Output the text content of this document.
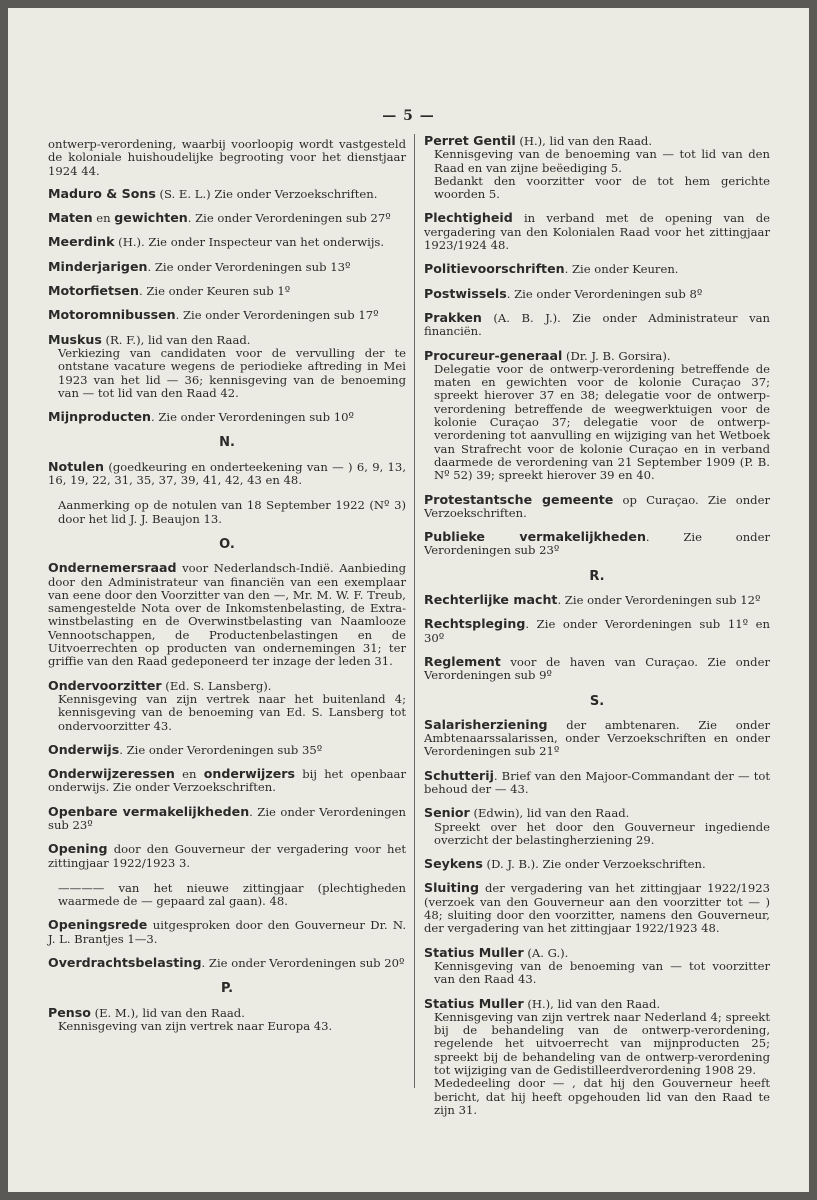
— 5 —
ontwerp-verordening, waarbij voorloopig wordt vastgesteld de koloniale huishoudelijke begrooting voor het dienstjaar 1924 44.
Maduro & Sons (S. E. L.) Zie onder Verzoekschriften.
Maten en gewichten. Zie onder Verordeningen sub 27º
Meerdink (H.). Zie onder Inspecteur van het onderwijs.
Minderjarigen. Zie onder Verordeningen sub 13º
Motorfietsen. Zie onder Keuren sub 1º
Motoromnibussen. Zie onder Verordeningen sub 17º
Muskus (R. F.), lid van den Raad.
Verkiezing van candidaten voor de vervulling der te ontstane vacature wegens de periodieke aftreding in Mei 1923 van het lid — 36; kennisgeving van de benoeming van — tot lid van den Raad 42.
Mijnproducten. Zie onder Verordeningen sub 10º
N.
Notulen (goedkeuring en onderteekening van — ) 6, 9, 13, 16, 19, 22, 31, 35, 37, 39, 41, 42, 43 en 48.
Aanmerking op de notulen van 18 September 1922 (Nº 3) door het lid J. J. Beaujon 13.
O.
Ondernemersraad voor Nederlandsch-Indië. Aanbieding door den Administrateur van financiën van een exemplaar van eene door den Voorzitter van den —, Mr. M. W. F. Treub, samengestelde Nota over de Inkomstenbelasting, de Extra-winstbelasting en de Overwinstbelasting van Naamlooze Vennootschappen, de Productenbelastingen en de Uitvoerrechten op producten van ondernemingen 31; ter griffie van den Raad gedeponeerd ter inzage der leden 31.
Ondervoorzitter (Ed. S. Lansberg).
Kennisgeving van zijn vertrek naar het buitenland 4; kennisgeving van de benoeming van Ed. S. Lansberg tot ondervoorzitter 43.
Onderwijs. Zie onder Verordeningen sub 35º
Onderwijzeressen en onderwijzers bij het openbaar onderwijs. Zie onder Verzoekschriften.
Openbare vermakelijkheden. Zie onder Verordeningen sub 23º
Opening door den Gouverneur der vergadering voor het zittingjaar 1922/1923 3.
———— van het nieuwe zittingjaar (plechtigheden waarmede de — gepaard zal gaan). 48.
Openingsrede uitgesproken door den Gouverneur Dr. N. J. L. Brantjes 1—3.
Overdrachtsbelasting. Zie onder Verordeningen sub 20º
P.
Penso (E. M.), lid van den Raad.
Kennisgeving van zijn vertrek naar Europa 43.
Perret Gentil (H.), lid van den Raad.
Kennisgeving van de benoeming van — tot lid van den Raad en van zijne beëediging 5.
Bedankt den voorzitter voor de tot hem gerichte woorden 5.
Plechtigheid in verband met de opening van de vergadering van den Kolonialen Raad voor het zittingjaar 1923/1924 48.
Politievoorschriften. Zie onder Keuren.
Postwissels. Zie onder Verordeningen sub 8º
Prakken (A. B. J.). Zie onder Administrateur van financiën.
Procureur-generaal (Dr. J. B. Gorsira).
Delegatie voor de ontwerp-verordening betreffende de maten en gewichten voor de kolonie Curaçao 37; spreekt hierover 37 en 38; delegatie voor de ontwerp-verordening betreffende de weegwerktuigen voor de kolonie Curaçao 37; delegatie voor de ontwerp-verordening tot aanvulling en wijziging van het Wetboek van Strafrecht voor de kolonie Curaçao en in verband daarmede de verordening van 21 September 1909 (P. B. Nº 52) 39; spreekt hierover 39 en 40.
Protestantsche gemeente op Curaçao. Zie onder Verzoekschriften.
Publieke vermakelijkheden. Zie onder Verordeningen sub 23º
R.
Rechterlijke macht. Zie onder Verordeningen sub 12º
Rechtspleging. Zie onder Verordeningen sub 11º en 30º
Reglement voor de haven van Curaçao. Zie onder Verordeningen sub 9º
S.
Salarisherziening der ambtenaren. Zie onder Ambtenaarssalarissen, onder Verzoekschriften en onder Verordeningen sub 21º
Schutterij. Brief van den Majoor-Commandant der — tot behoud der — 43.
Senior (Edwin), lid van den Raad.
Spreekt over het door den Gouverneur ingediende overzicht der belastingherziening 29.
Seykens (D. J. B.). Zie onder Verzoekschriften.
Sluiting der vergadering van het zittingjaar 1922/1923 (verzoek van den Gouverneur aan den voorzitter tot — ) 48; sluiting door den voorzitter, namens den Gouverneur, der vergadering van het zittingjaar 1922/1923 48.
Statius Muller (A. G.).
Kennisgeving van de benoeming van — tot voorzitter van den Raad 43.
Statius Muller (H.), lid van den Raad.
Kennisgeving van zijn vertrek naar Nederland 4; spreekt bij de behandeling van de ontwerp-verordening, regelende het uitvoerrecht van mijnproducten 25; spreekt bij de behandeling van de ontwerp-verordening tot wijziging van de Gedistilleerdverordening 1908 29.
Mededeeling door — , dat hij den Gouverneur heeft bericht, dat hij heeft opgehouden lid van den Raad te zijn 31.
